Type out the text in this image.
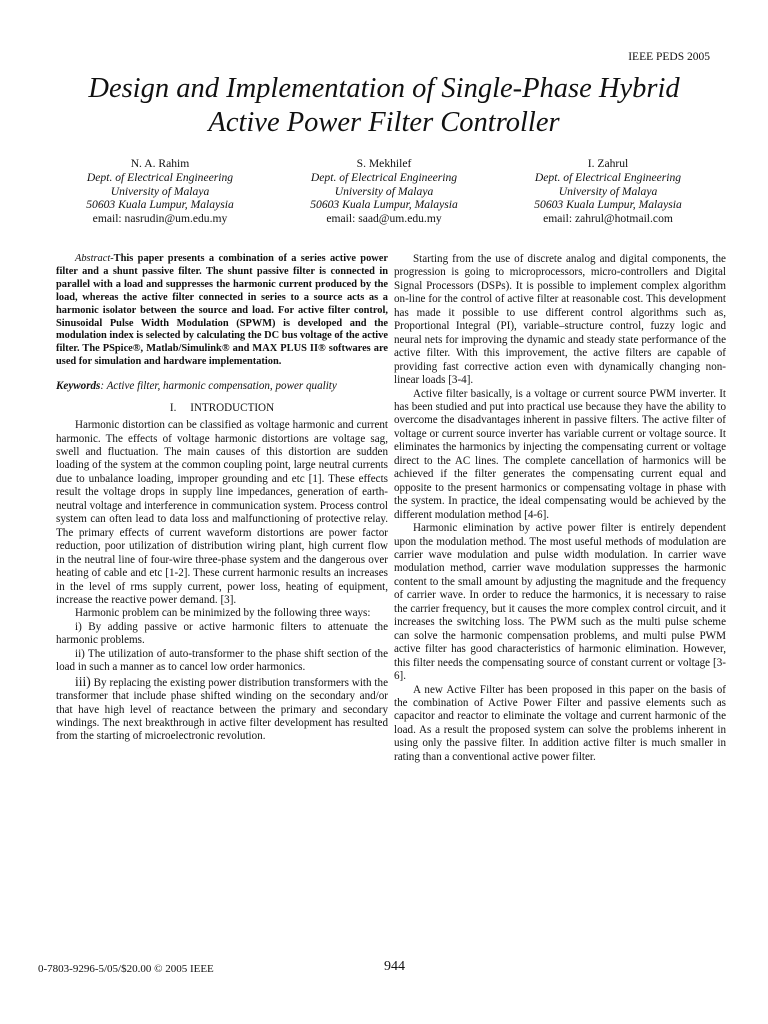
IEEE PEDS 2005
Design and Implementation of Single-Phase Hybrid
Active Power Filter Controller
N. A. Rahim
Dept. of Electrical Engineering
University of Malaya
50603 Kuala Lumpur, Malaysia
email: nasrudin@um.edu.my
S. Mekhilef
Dept. of Electrical Engineering
University of Malaya
50603 Kuala Lumpur, Malaysia
email: saad@um.edu.my
I. Zahrul
Dept. of Electrical Engineering
University of Malaya
50603 Kuala Lumpur, Malaysia
email: zahrul@hotmail.com

Abstract-This paper presents a combination of a series active power filter and a shunt passive filter. The shunt passive filter is connected in parallel with a load and suppresses the harmonic current produced by the load, whereas the active filter connected in series to a source acts as a harmonic isolator between the source and load. For active filter control, Sinusoidal Pulse Width Modulation (SPWM) is developed and the modulation index is selected by calculating the DC bus voltage of the active filter. The PSpice®, Matlab/Simulink® and MAX PLUS II® softwares are used for simulation and hardware implementation.

Keywords: Active filter, harmonic compensation, power quality

I. INTRODUCTION

Harmonic distortion can be classified as voltage harmonic and current harmonic. The effects of voltage harmonic distortions are voltage sag, swell and fluctuation. The main causes of this distortion are sudden loading of the system at the common coupling point, large neutral currents due to unbalance loading, improper grounding and etc [1]. These effects result the voltage drops in supply line impedances, generation of earth-neutral voltage and interference in communication system. Process control system can often lead to data loss and malfunctioning of protective relay. The primary effects of current waveform distortions are power factor reduction, poor utilization of distribution wiring plant, high current flow in the neutral line of four-wire three-phase system and the dangerous over heating of cable and etc [1-2]. These current harmonic results an increases in the level of rms supply current, power loss, heating of equipment, increase the reactive power demand. [3].

Harmonic problem can be minimized by the following three ways:

i) By adding passive or active harmonic filters to attenuate the harmonic problems.

ii) The utilization of auto-transformer to the phase shift section of the load in such a manner as to cancel low order harmonics.

iii) By replacing the existing power distribution transformers with the transformer that include phase shifted winding on the secondary and/or that have high level of reactance between the primary and secondary windings. The next breakthrough in active filter development has resulted from the starting of microelectronic revolution.

Starting from the use of discrete analog and digital components, the progression is going to microprocessors, micro-controllers and Digital Signal Processors (DSPs). It is possible to implement complex algorithm on-line for the control of active filter at reasonable cost. This development has made it possible to use different control algorithms such as, Proportional Integral (PI), variable–structure control, fuzzy logic and neural nets for improving the dynamic and steady state performance of the active filter. With this improvement, the active filters are capable of providing fast corrective action even with dynamically changing non-linear loads [3-4].

Active filter basically, is a voltage or current source PWM inverter. It has been studied and put into practical use because they have the ability to overcome the disadvantages inherent in passive filters. The active filter of voltage or current source inverter has variable current or voltage source. It eliminates the harmonics by injecting the compensating current or voltage direct to the AC lines. The complete cancellation of harmonics will be achieved if the filter generates the compensating current equal and opposite to the present harmonics or compensating voltage in phase with the system. In practice, the ideal compensating would be achieved by the different modulation method [4-6].

Harmonic elimination by active power filter is entirely dependent upon the modulation method. The most useful methods of modulation are carrier wave modulation and pulse width modulation. In carrier wave modulation method, carrier wave modulation suppresses the harmonic content to the small amount by adjusting the magnitude and the frequency of carrier wave. In order to reduce the harmonics, it is necessary to raise the carrier frequency, but it causes the more complex control circuit, and it increases the switching loss. The PWM such as the multi pulse scheme can solve the harmonic compensation problems, and multi pulse PWM active filter has good characteristics of harmonic elimination. However, this filter needs the compensating source of constant current or voltage [3-6].

A new Active Filter has been proposed in this paper on the basis of the combination of Active Power Filter and passive elements such as capacitor and reactor to eliminate the voltage and current harmonic of the load. As a result the proposed system can solve the problems inherent in using only the passive filter. In addition active filter is much smaller in rating than a conventional active power filter.

0-7803-9296-5/05/$20.00 © 2005 IEEE	944
